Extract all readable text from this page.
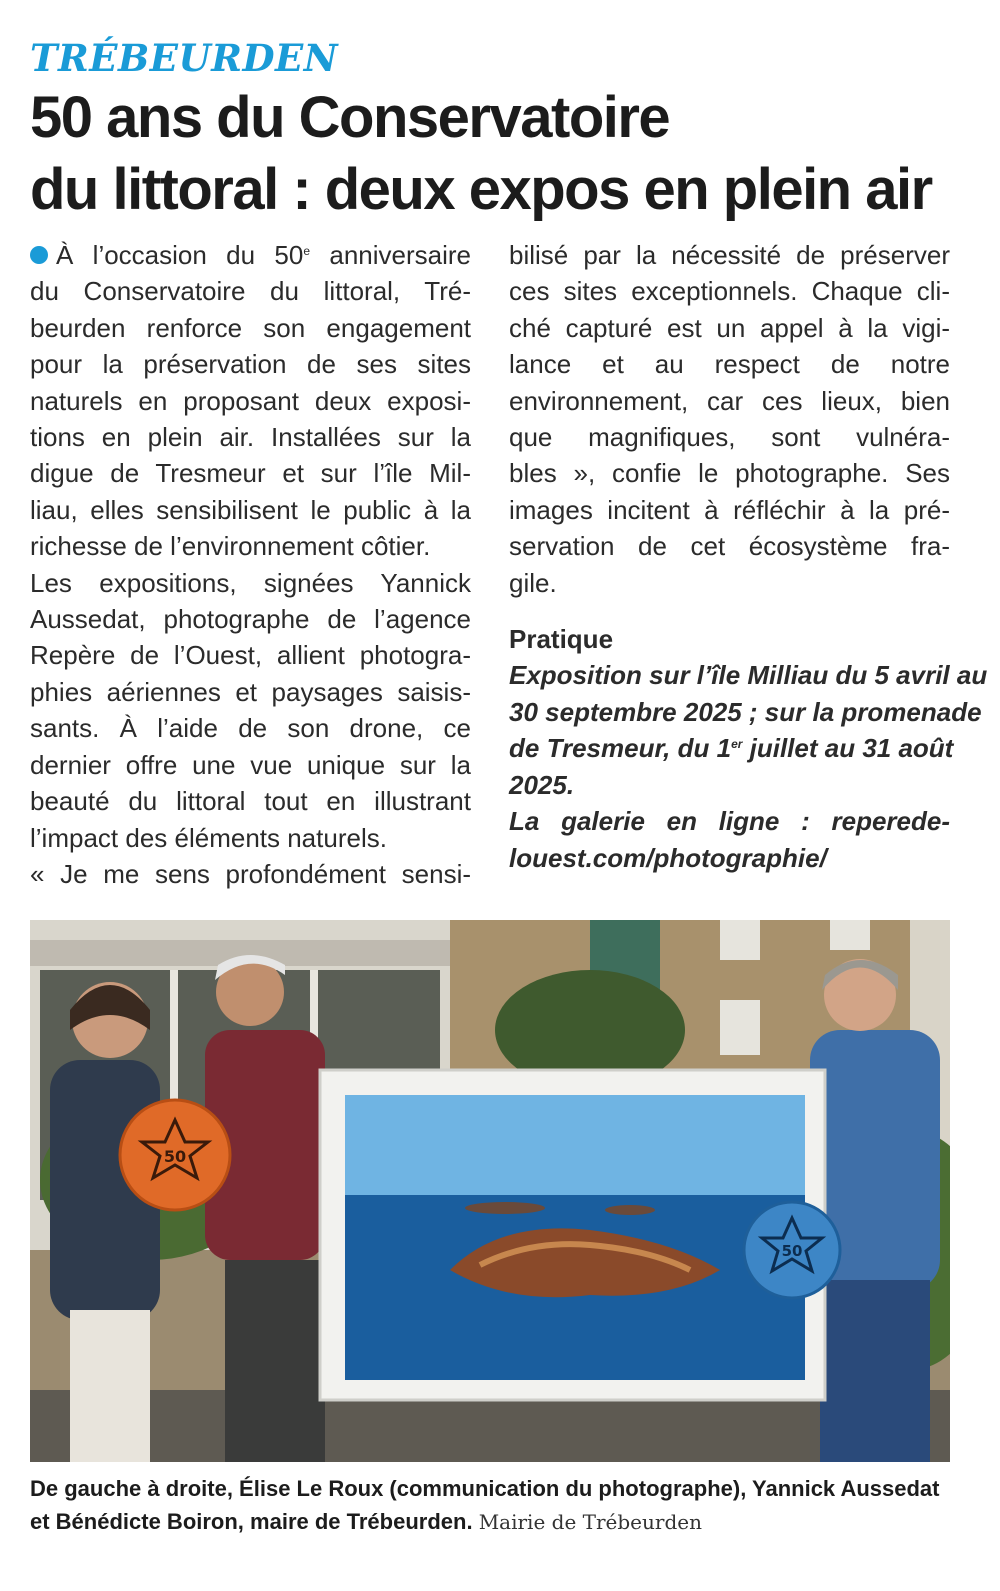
TRÉBEURDEN
50 ans du Conservatoire
du littoral : deux expos en plein air
À l’occasion du 50e anniversaire
du Conservatoire du littoral, Tré-
beurden renforce son engagement
pour la préservation de ses sites
naturels en proposant deux exposi-
tions en plein air. Installées sur la
digue de Tresmeur et sur l’île Mil-
liau, elles sensibilisent le public à la
richesse de l’environnement côtier.
Les expositions, signées Yannick
Aussedat, photographe de l’agence
Repère de l’Ouest, allient photogra-
phies aériennes et paysages saisis-
sants. À l’aide de son drone, ce
dernier offre une vue unique sur la
beauté du littoral tout en illustrant
l’impact des éléments naturels.
« Je me sens profondément sensi-
bilisé par la nécessité de préserver
ces sites exceptionnels. Chaque cli-
ché capturé est un appel à la vigi-
lance et au respect de notre
environnement, car ces lieux, bien
que magnifiques, sont vulnéra-
bles », confie le photographe. Ses
images incitent à réfléchir à la pré-
servation de cet écosystème fra-
gile.
Pratique
Exposition sur l’île Milliau du 5 avril au
30 septembre 2025 ; sur la promenade
de Tresmeur, du 1er juillet au 31 août
2025.
La galerie en ligne : reperede-
louest.com/photographie/
50
50
De gauche à droite, Élise Le Roux (communication du photographe), Yannick Aussedat et Bénédicte Boiron, maire de Trébeurden. Mairie de Trébeurden
